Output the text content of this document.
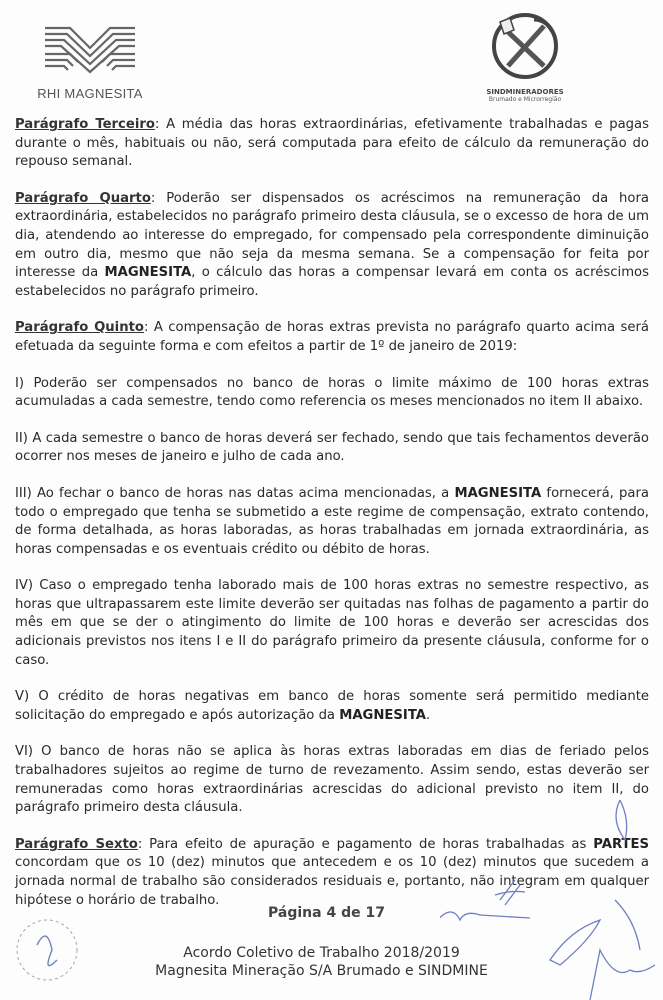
RHI MAGNESITA	SINDMINERADORES
Brumado e Microrregião

Parágrafo Terceiro: A média das horas extraordinárias, efetivamente trabalhadas e pagas durante o mês, habituais ou não, será computada para efeito de cálculo da remuneração do repouso semanal.

Parágrafo Quarto: Poderão ser dispensados os acréscimos na remuneração da hora extraordinária, estabelecidos no parágrafo primeiro desta cláusula, se o excesso de hora de um dia, atendendo ao interesse do empregado, for compensado pela correspondente diminuição em outro dia, mesmo que não seja da mesma semana. Se a compensação for feita por interesse da MAGNESITA, o cálculo das horas a compensar levará em conta os acréscimos estabelecidos no parágrafo primeiro.

Parágrafo Quinto: A compensação de horas extras prevista no parágrafo quarto acima será efetuada da seguinte forma e com efeitos a partir de 1º de janeiro de 2019:

I) Poderão ser compensados no banco de horas o limite máximo de 100 horas extras acumuladas a cada semestre, tendo como referencia os meses mencionados no item II abaixo.

II) A cada semestre o banco de horas deverá ser fechado, sendo que tais fechamentos deverão ocorrer nos meses de janeiro e julho de cada ano.

III) Ao fechar o banco de horas nas datas acima mencionadas, a MAGNESITA fornecerá, para todo o empregado que tenha se submetido a este regime de compensação, extrato contendo, de forma detalhada, as horas laboradas, as horas trabalhadas em jornada extraordinária, as horas compensadas e os eventuais crédito ou débito de horas.

IV) Caso o empregado tenha laborado mais de 100 horas extras no semestre respectivo, as horas que ultrapassarem este limite deverão ser quitadas nas folhas de pagamento a partir do mês em que se der o atingimento do limite de 100 horas e deverão ser acrescidas dos adicionais previstos nos itens I e II do parágrafo primeiro da presente cláusula, conforme for o caso.

V) O crédito de horas negativas em banco de horas somente será permitido mediante solicitação do empregado e após autorização da MAGNESITA.

VI) O banco de horas não se aplica às horas extras laboradas em dias de feriado pelos trabalhadores sujeitos ao regime de turno de revezamento. Assim sendo, estas deverão ser remuneradas como horas extraordinárias acrescidas do adicional previsto no item II, do parágrafo primeiro desta cláusula.

Parágrafo Sexto: Para efeito de apuração e pagamento de horas trabalhadas as PARTES concordam que os 10 (dez) minutos que antecedem e os 10 (dez) minutos que sucedem a jornada normal de trabalho são considerados residuais e, portanto, não integram em qualquer hipótese o horário de trabalho.

Página 4 de 17
Acordo Coletivo de Trabalho 2018/2019
Magnesita Mineração S/A Brumado e SINDMINE
